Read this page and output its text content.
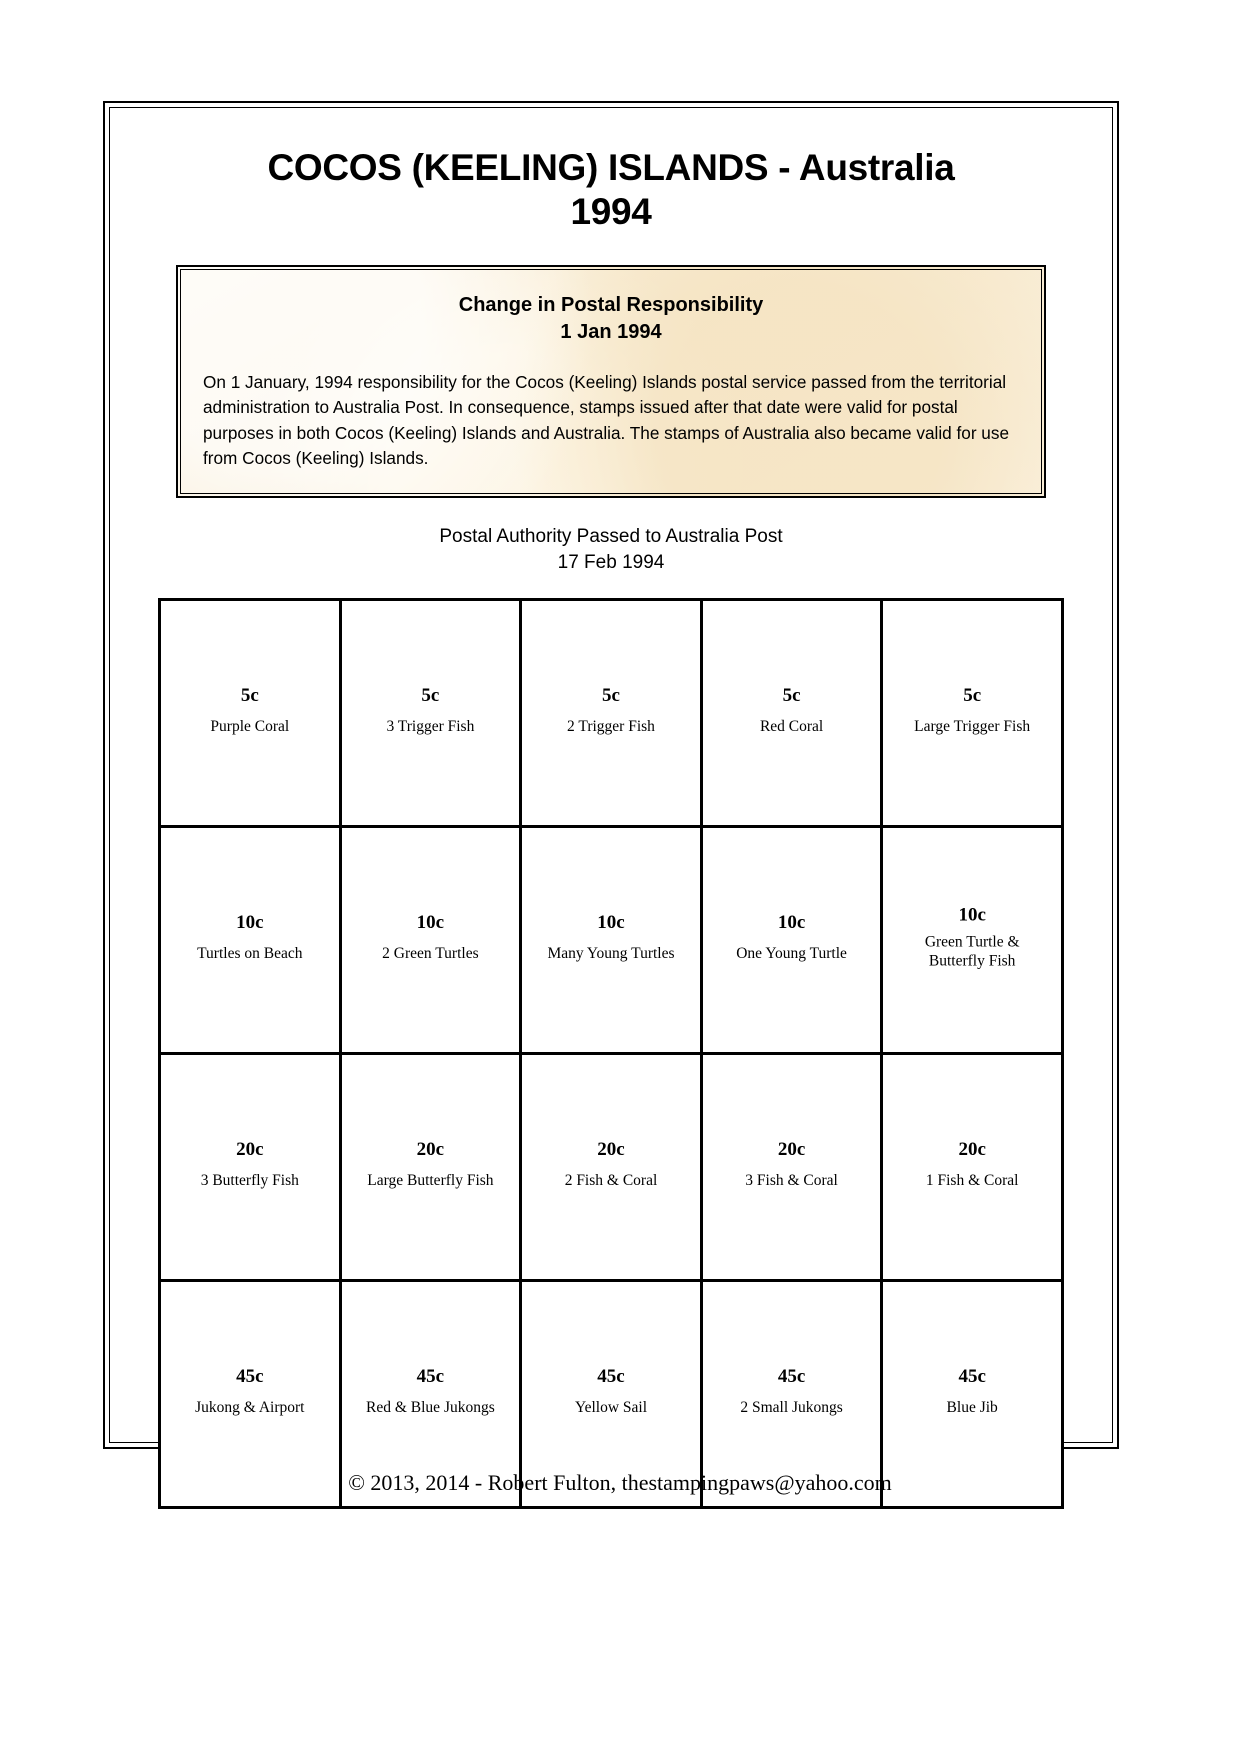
COCOS (KEELING) ISLANDS - Australia
1994
Change in Postal Responsibility
1 Jan 1994
On 1 January, 1994 responsibility for the Cocos (Keeling) Islands postal service passed from the territorial administration to Australia Post. In consequence, stamps issued after that date were valid for postal purposes in both Cocos (Keeling) Islands and Australia. The stamps of Australia also became valid for use from Cocos (Keeling) Islands.
Postal Authority Passed to Australia Post
17 Feb 1994
5c
Purple Coral
5c
3 Trigger Fish
5c
2 Trigger Fish
5c
Red Coral
5c
Large Trigger Fish
10c
Turtles on Beach
10c
2 Green Turtles
10c
Many Young Turtles
10c
One Young Turtle
10c
Green Turtle &
Butterfly Fish
20c
3 Butterfly Fish
20c
Large Butterfly Fish
20c
2 Fish & Coral
20c
3 Fish & Coral
20c
1 Fish & Coral
45c
Jukong & Airport
45c
Red & Blue Jukongs
45c
Yellow Sail
45c
2 Small Jukongs
45c
Blue Jib
© 2013, 2014 - Robert Fulton, thestampingpaws@yahoo.com
